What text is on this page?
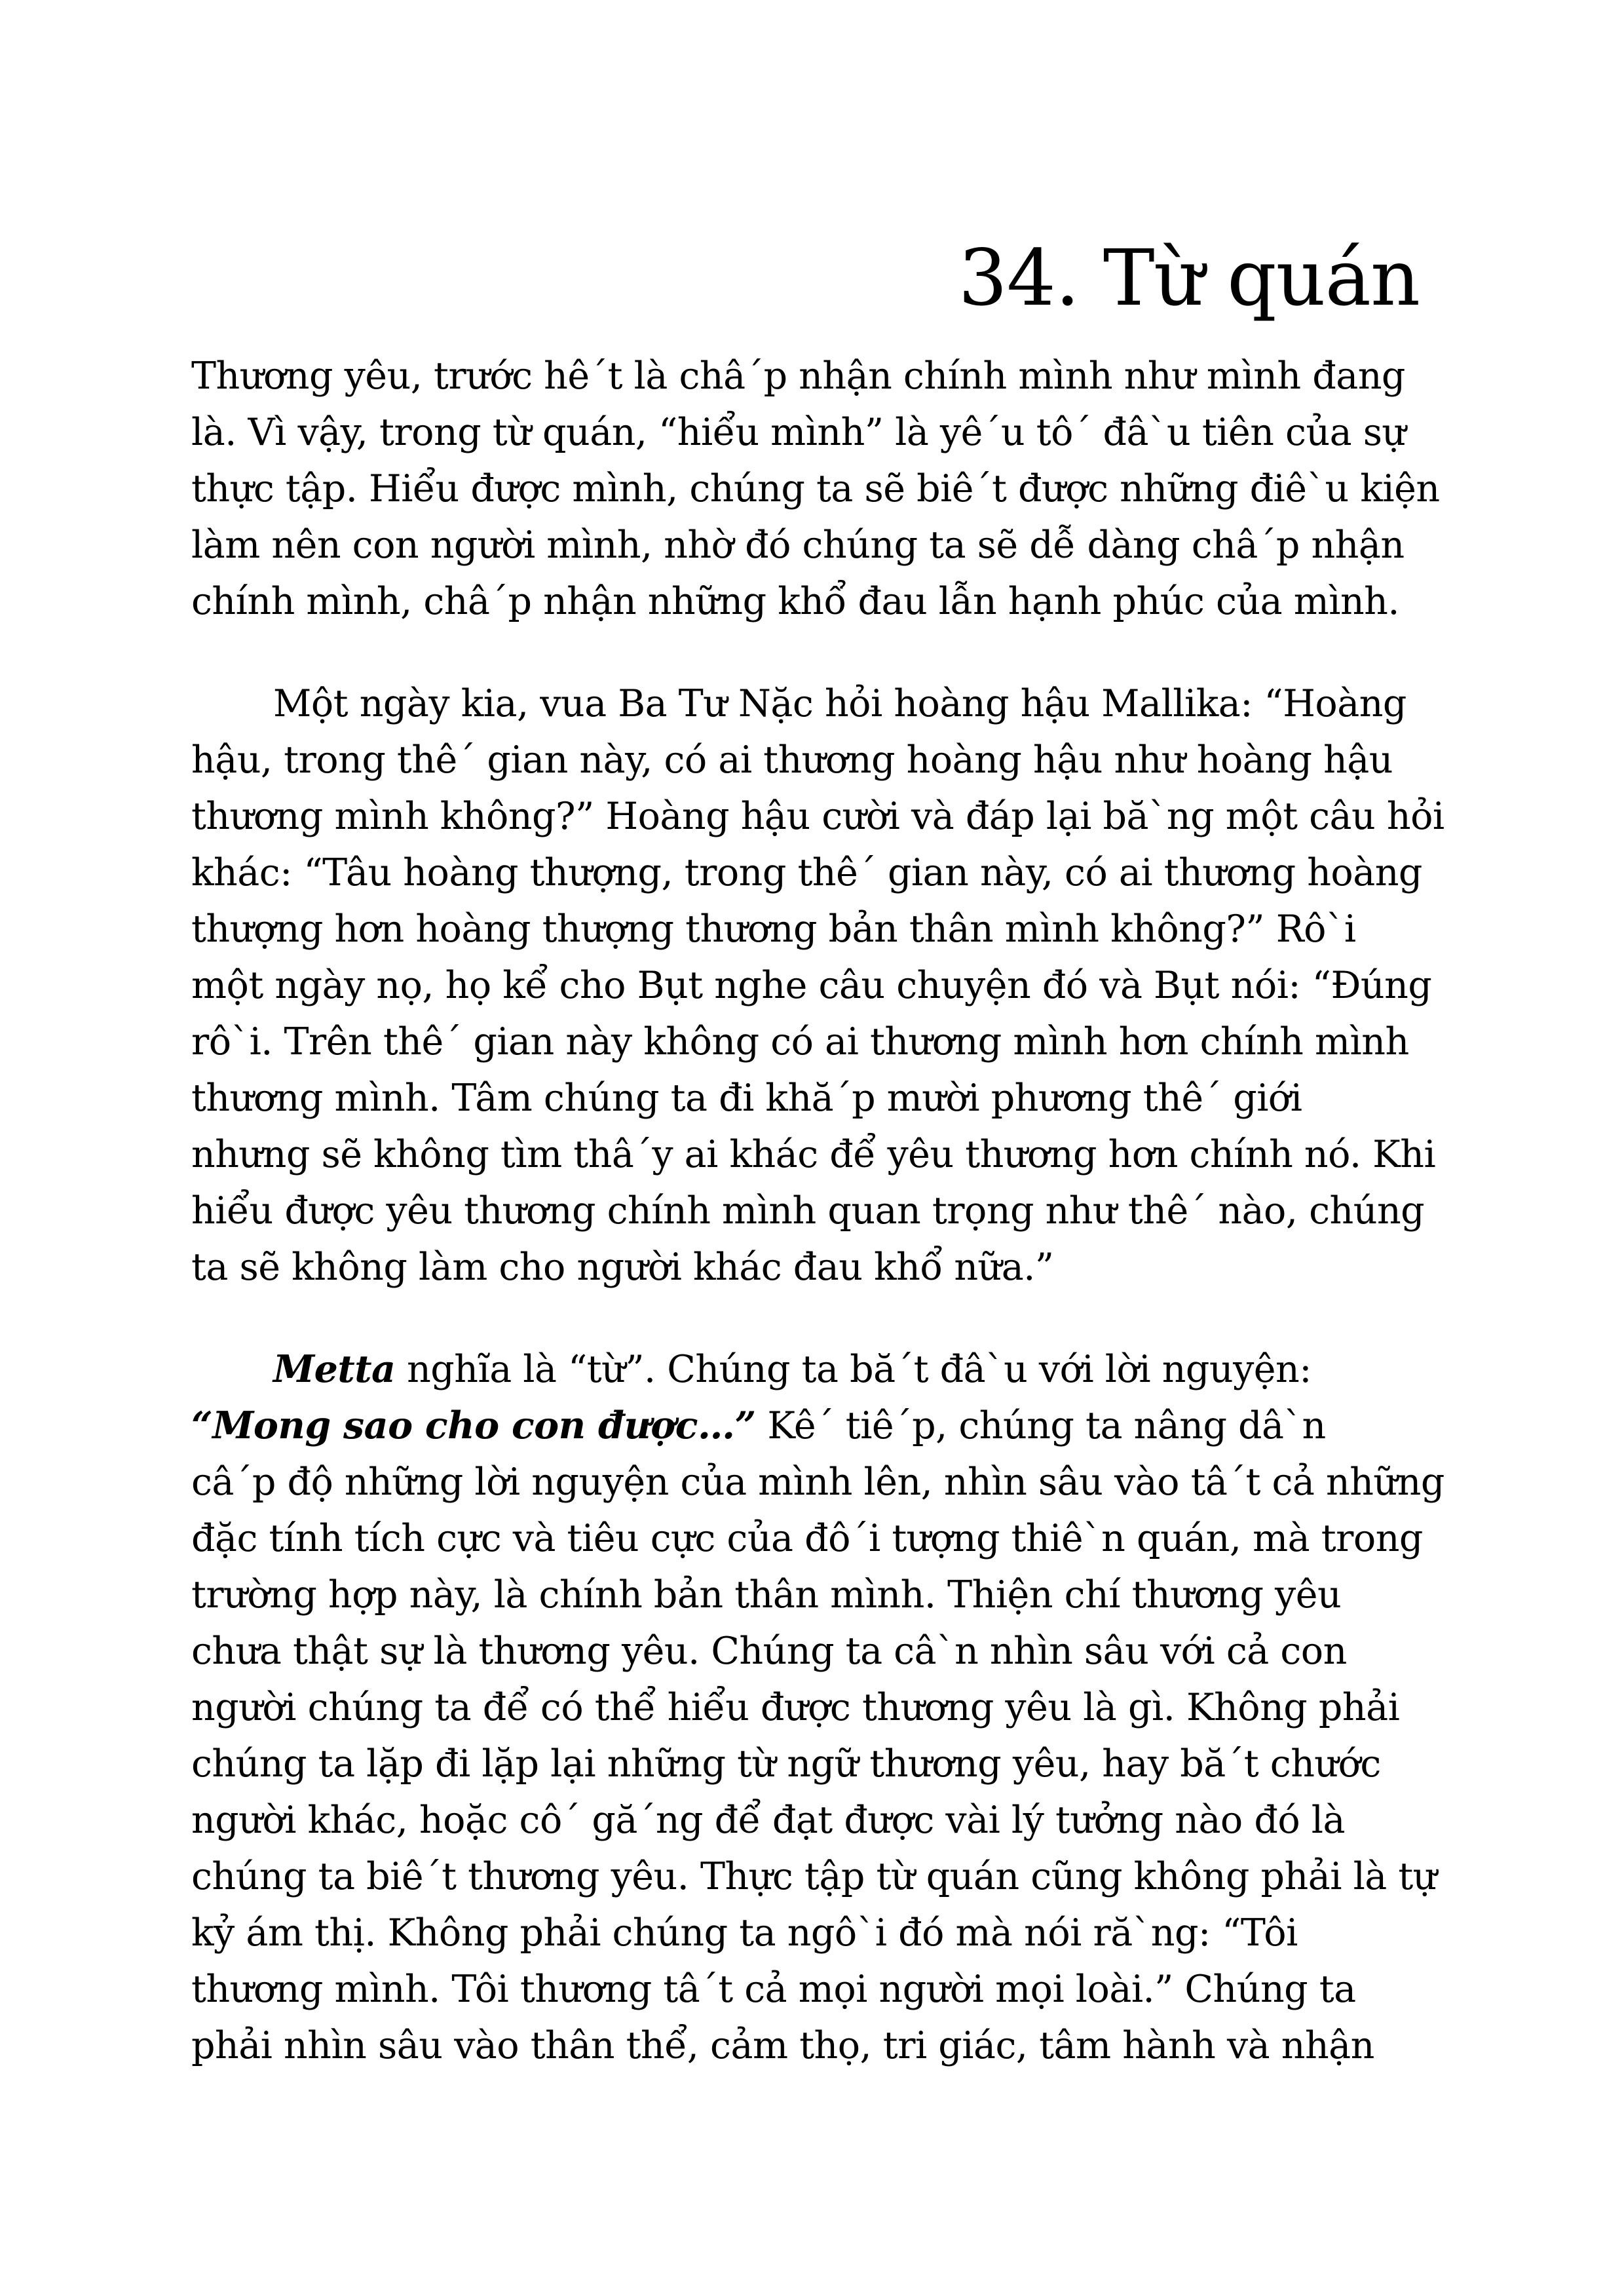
34. Từ quán
Thương yêu, trước hê´t là châ´p nhận chính mình như mình đang
là. Vì vậy, trong từ quán, “hiểu mình” là yê´u tô´ đâ`u tiên của sự
thực tập. Hiểu được mình, chúng ta sẽ biê´t được những điê`u kiện
làm nên con người mình, nhờ đó chúng ta sẽ dễ dàng châ´p nhận
chính mình, châ´p nhận những khổ đau lẫn hạnh phúc của mình.
Một ngày kia, vua Ba Tư Nặc hỏi hoàng hậu Mallika: “Hoàng
hậu, trong thê´ gian này, có ai thương hoàng hậu như hoàng hậu
thương mình không?” Hoàng hậu cười và đáp lại bă`ng một câu hỏi
khác: “Tâu hoàng thượng, trong thê´ gian này, có ai thương hoàng
thượng hơn hoàng thượng thương bản thân mình không?” Rô`i
một ngày nọ, họ kể cho Bụt nghe câu chuyện đó và Bụt nói: “Đúng
rô`i. Trên thê´ gian này không có ai thương mình hơn chính mình
thương mình. Tâm chúng ta đi khă´p mười phương thê´ giới
nhưng sẽ không tìm thâ´y ai khác để yêu thương hơn chính nó. Khi
hiểu được yêu thương chính mình quan trọng như thê´ nào, chúng
ta sẽ không làm cho người khác đau khổ nữa.”
Metta nghĩa là “từ”. Chúng ta bă´t đâ`u với lời nguyện:
“Mong sao cho con được…” Kê´ tiê´p, chúng ta nâng dâ`n
câ´p độ những lời nguyện của mình lên, nhìn sâu vào tâ´t cả những
đặc tính tích cực và tiêu cực của đô´i tượng thiê`n quán, mà trong
trường hợp này, là chính bản thân mình. Thiện chí thương yêu
chưa thật sự là thương yêu. Chúng ta câ`n nhìn sâu với cả con
người chúng ta để có thể hiểu được thương yêu là gì. Không phải
chúng ta lặp đi lặp lại những từ ngữ thương yêu, hay bă´t chước
người khác, hoặc cô´ gă´ng để đạt được vài lý tưởng nào đó là
chúng ta biê´t thương yêu. Thực tập từ quán cũng không phải là tự
kỷ ám thị. Không phải chúng ta ngô`i đó mà nói ră`ng: “Tôi
thương mình. Tôi thương tâ´t cả mọi người mọi loài.” Chúng ta
phải nhìn sâu vào thân thể, cảm thọ, tri giác, tâm hành và nhận
